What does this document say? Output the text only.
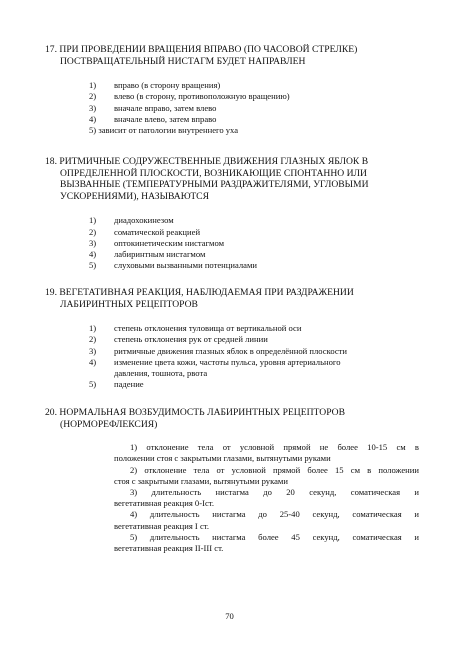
17. ПРИ ПРОВЕДЕНИИ ВРАЩЕНИЯ ВПРАВО (ПО ЧАСОВОЙ СТРЕЛКЕ)
ПОСТВРАЩАТЕЛЬНЫЙ НИСТАГМ БУДЕТ НАПРАВЛЕН
1)	вправо (в сторону вращения)
2)	влево (в сторону, противоположную вращению)
3)	вначале вправо, затем влево
4)	вначале влево, затем вправо
5) зависит от патологии внутреннего уха
18. РИТМИЧНЫЕ СОДРУЖЕСТВЕННЫЕ ДВИЖЕНИЯ ГЛАЗНЫХ ЯБЛОК В
ОПРЕДЕЛЕННОЙ ПЛОСКОСТИ, ВОЗНИКАЮЩИЕ СПОНТАННО ИЛИ
ВЫЗВАННЫЕ (ТЕМПЕРАТУРНЫМИ РАЗДРАЖИТЕЛЯМИ, УГЛОВЫМИ
УСКОРЕНИЯМИ), НАЗЫВАЮТСЯ
1)	диадохокинезом
2)	соматической реакцией
3)	оптокинетическим нистагмом
4)	лабиринтным нистагмом
5)	слуховыми вызванными потенциалами
19. ВЕГЕТАТИВНАЯ РЕАКЦИЯ, НАБЛЮДАЕМАЯ ПРИ РАЗДРАЖЕНИИ
ЛАБИРИНТНЫХ РЕЦЕПТОРОВ
1)	степень отклонения туловища от вертикальной оси
2)	степень отклонения рук от средней линии
3)	ритмичные движения глазных яблок в определённой плоскости
4)	изменение цвета кожи, частоты пульса, уровня артериального
давления, тошнота, рвота
5)	падение
20. НОРМАЛЬНАЯ ВОЗБУДИМОСТЬ ЛАБИРИНТНЫХ РЕЦЕПТОРОВ
(НОРМОРЕФЛЕКСИЯ)
1) отклонение тела от условной прямой не более 10-15 см в
положении стоя с закрытыми глазами, вытянутыми руками
2) отклонение тела от условной прямой более 15 см в положении
стоя с закрытыми глазами, вытянутыми руками
3) длительность нистагма до 20 секунд, соматическая и
вегетативная реакция 0-Iст.
4) длительность нистагма до 25-40 секунд, соматическая и
вегетативная реакция I ст.
5) длительность нистагма более 45 секунд, соматическая и
вегетативная реакция II-III ст.
70
